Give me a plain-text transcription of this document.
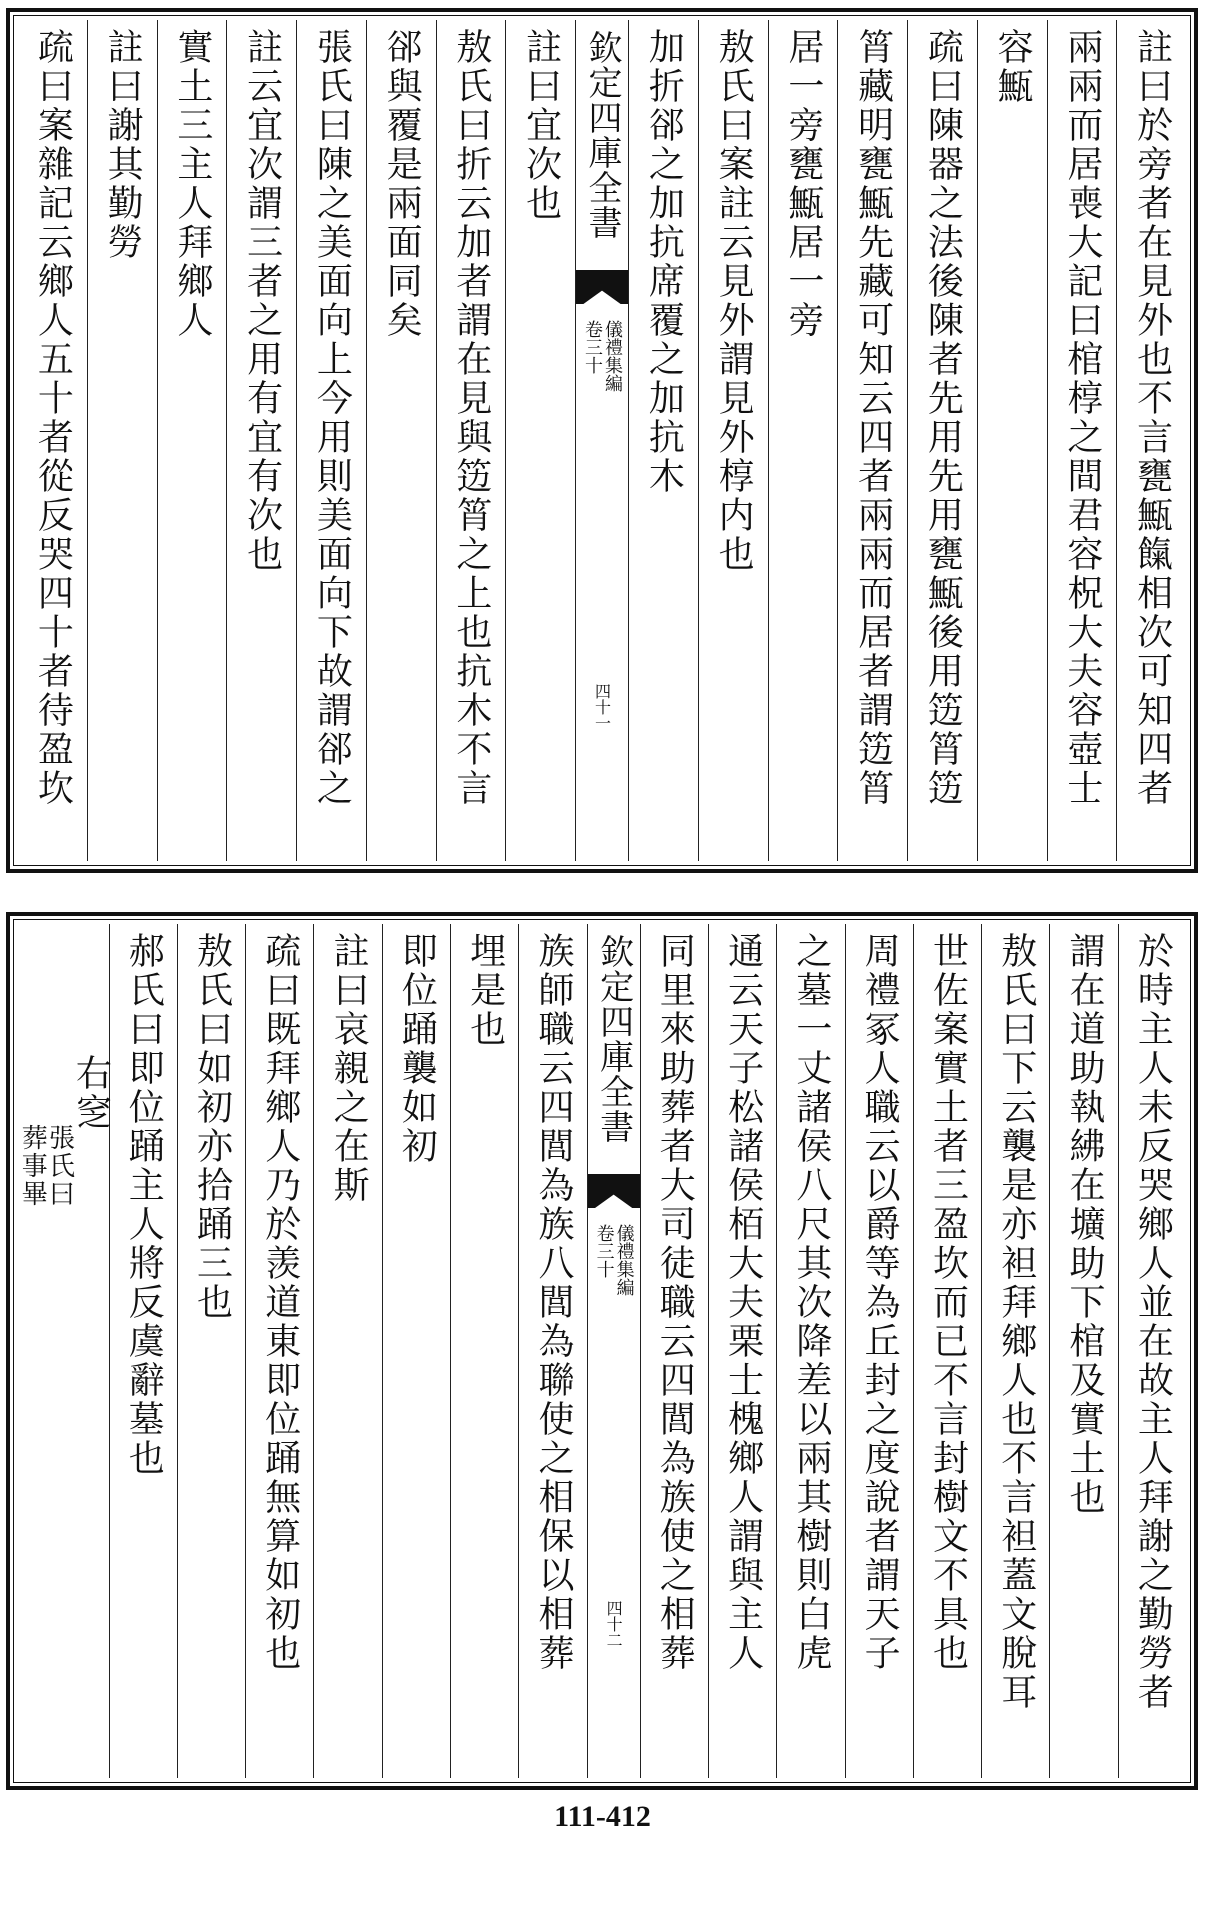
註曰於旁者在見外也不言甕甒餼相次可知四者
兩兩而居喪大記曰棺椁之間君容柷大夫容壺士
容甒
疏曰陳器之法後陳者先用先用甕甒後用笾筲笾
筲藏明甕甒先藏可知云四者兩兩而居者謂笾筲
居一旁甕甒居一旁
敖氏曰案註云見外謂見外椁内也
加折郤之加抗席覆之加抗木
欽定四庫全書
儀禮集編
卷三十
四十一
註曰宜次也
敖氏曰折云加者謂在見與笾筲之上也抗木不言
郤與覆是兩面同矣
張氏曰陳之美面向上今用則美面向下故謂郤之
註云宜次謂三者之用有宜有次也
實土三主人拜鄉人
註曰謝其勤勞
疏曰案雜記云鄉人五十者從反哭四十者待盈坎
於時主人未反哭鄉人並在故主人拜謝之勤勞者
謂在道助執紼在壙助下棺及實土也
敖氏曰下云襲是亦袒拜鄉人也不言袒蓋文脫耳
世佐案實土者三盈坎而已不言封樹文不具也
周禮冢人職云以爵等為丘封之度說者謂天子
之墓一丈諸侯八尺其次降差以兩其樹則白虎
通云天子松諸侯栢大夫栗士槐鄉人謂與主人
同里來助葬者大司徒職云四閭為族使之相葬
欽定四庫全書
儀禮集編
卷三十
四十二
族師職云四閭為族八閭為聯使之相保以相葬
埋是也
即位踊襲如初
註曰哀親之在斯
疏曰既拜鄉人乃於羡道東即位踊無算如初也
敖氏曰如初亦拾踊三也
郝氏曰即位踊主人將反虞辭墓也
右窆
張氏曰
葬事畢
111-412
